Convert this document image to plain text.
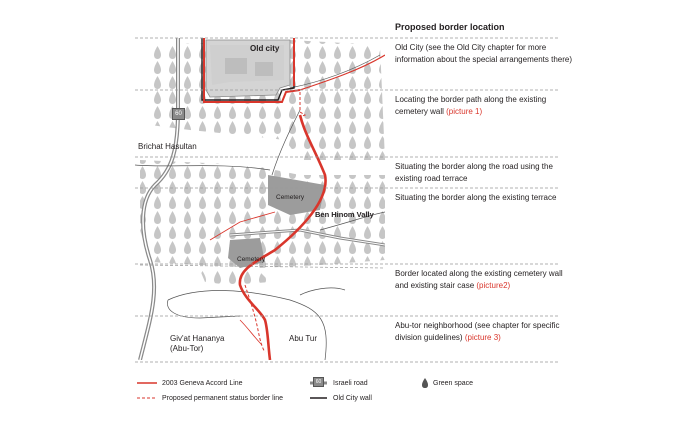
60
Old city
Brichat Hasultan
Cemetery
Ben Hinom Vally
Cemetery
Giv'at Hananya
(Abu-Tor)
Abu Tur
Proposed border location
Old City (see the Old City chapter for more information about the special arrangements there)
Locating the border path along the existing cemetery wall (picture 1)
Situating the border along the road using the existing road terrace
Situating the border along the existing terrace
Border located along the existing cemetery wall and existing stair case (picture2)
Abu-tor neighborhood (see chapter for specific division guidelines) (picture 3)
2003 Geneva Accord Line
Proposed permanent status border line
60	Israeli road
Old City wall
Green space
